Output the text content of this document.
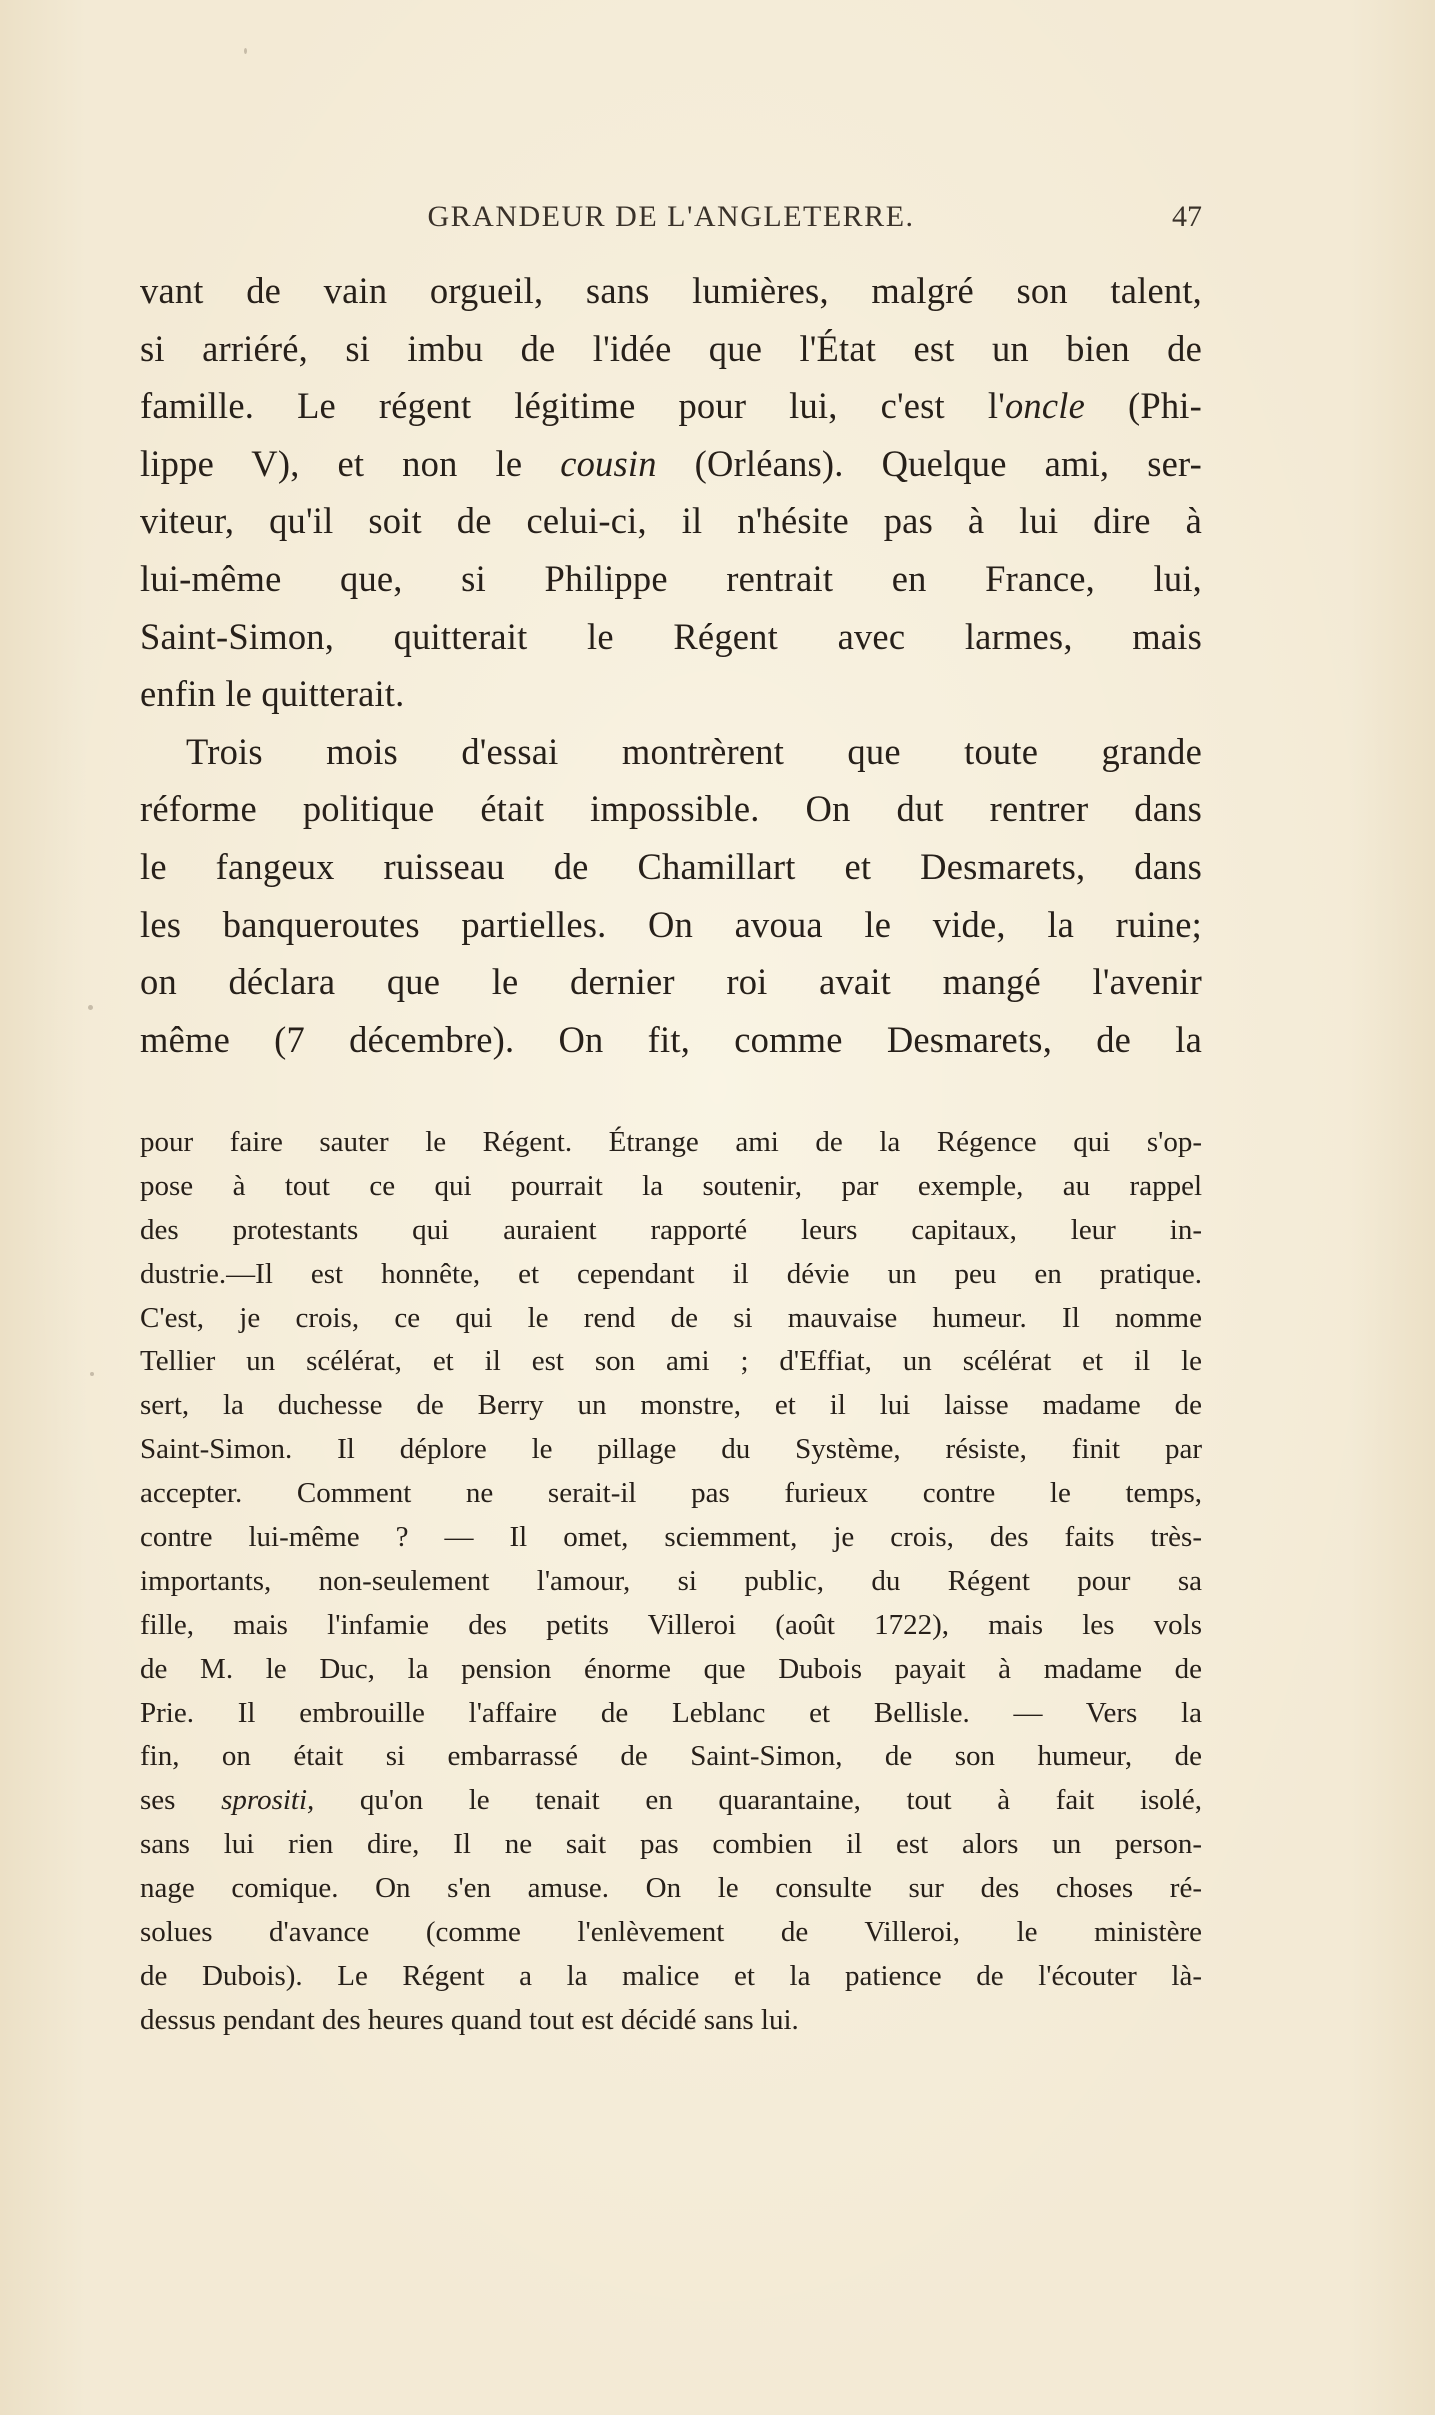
GRANDEUR DE L'ANGLETERRE.	47
vant de vain orgueil, sans lumières, malgré son talent,
si arriéré, si imbu de l'idée que l'État est un bien de
famille. Le régent légitime pour lui, c'est l'oncle (Phi-
lippe V), et non le cousin (Orléans). Quelque ami, ser-
viteur, qu'il soit de celui-ci, il n'hésite pas à lui dire à
lui-même que, si Philippe rentrait en France, lui,
Saint-Simon, quitterait le Régent avec larmes, mais
enfin le quitterait.
Trois mois d'essai montrèrent que toute grande
réforme politique était impossible. On dut rentrer dans
le fangeux ruisseau de Chamillart et Desmarets, dans
les banqueroutes partielles. On avoua le vide, la ruine;
on déclara que le dernier roi avait mangé l'avenir
même (7 décembre). On fit, comme Desmarets, de la
pour faire sauter le Régent. Étrange ami de la Régence qui s'op-
pose à tout ce qui pourrait la soutenir, par exemple, au rappel
des protestants qui auraient rapporté leurs capitaux, leur in-
dustrie.—Il est honnête, et cependant il dévie un peu en pratique.
C'est, je crois, ce qui le rend de si mauvaise humeur. Il nomme
Tellier un scélérat, et il est son ami ; d'Effiat, un scélérat et il le
sert, la duchesse de Berry un monstre, et il lui laisse madame de
Saint-Simon. Il déplore le pillage du Système, résiste, finit par
accepter. Comment ne serait-il pas furieux contre le temps,
contre lui-même ? — Il omet, sciemment, je crois, des faits très-
importants, non-seulement l'amour, si public, du Régent pour sa
fille, mais l'infamie des petits Villeroi (août 1722), mais les vols
de M. le Duc, la pension énorme que Dubois payait à madame de
Prie. Il embrouille l'affaire de Leblanc et Bellisle. — Vers la
fin, on était si embarrassé de Saint-Simon, de son humeur, de
ses sprositi, qu'on le tenait en quarantaine, tout à fait isolé,
sans lui rien dire, Il ne sait pas combien il est alors un person-
nage comique. On s'en amuse. On le consulte sur des choses ré-
solues d'avance (comme l'enlèvement de Villeroi, le ministère
de Dubois). Le Régent a la malice et la patience de l'écouter là-
dessus pendant des heures quand tout est décidé sans lui.
